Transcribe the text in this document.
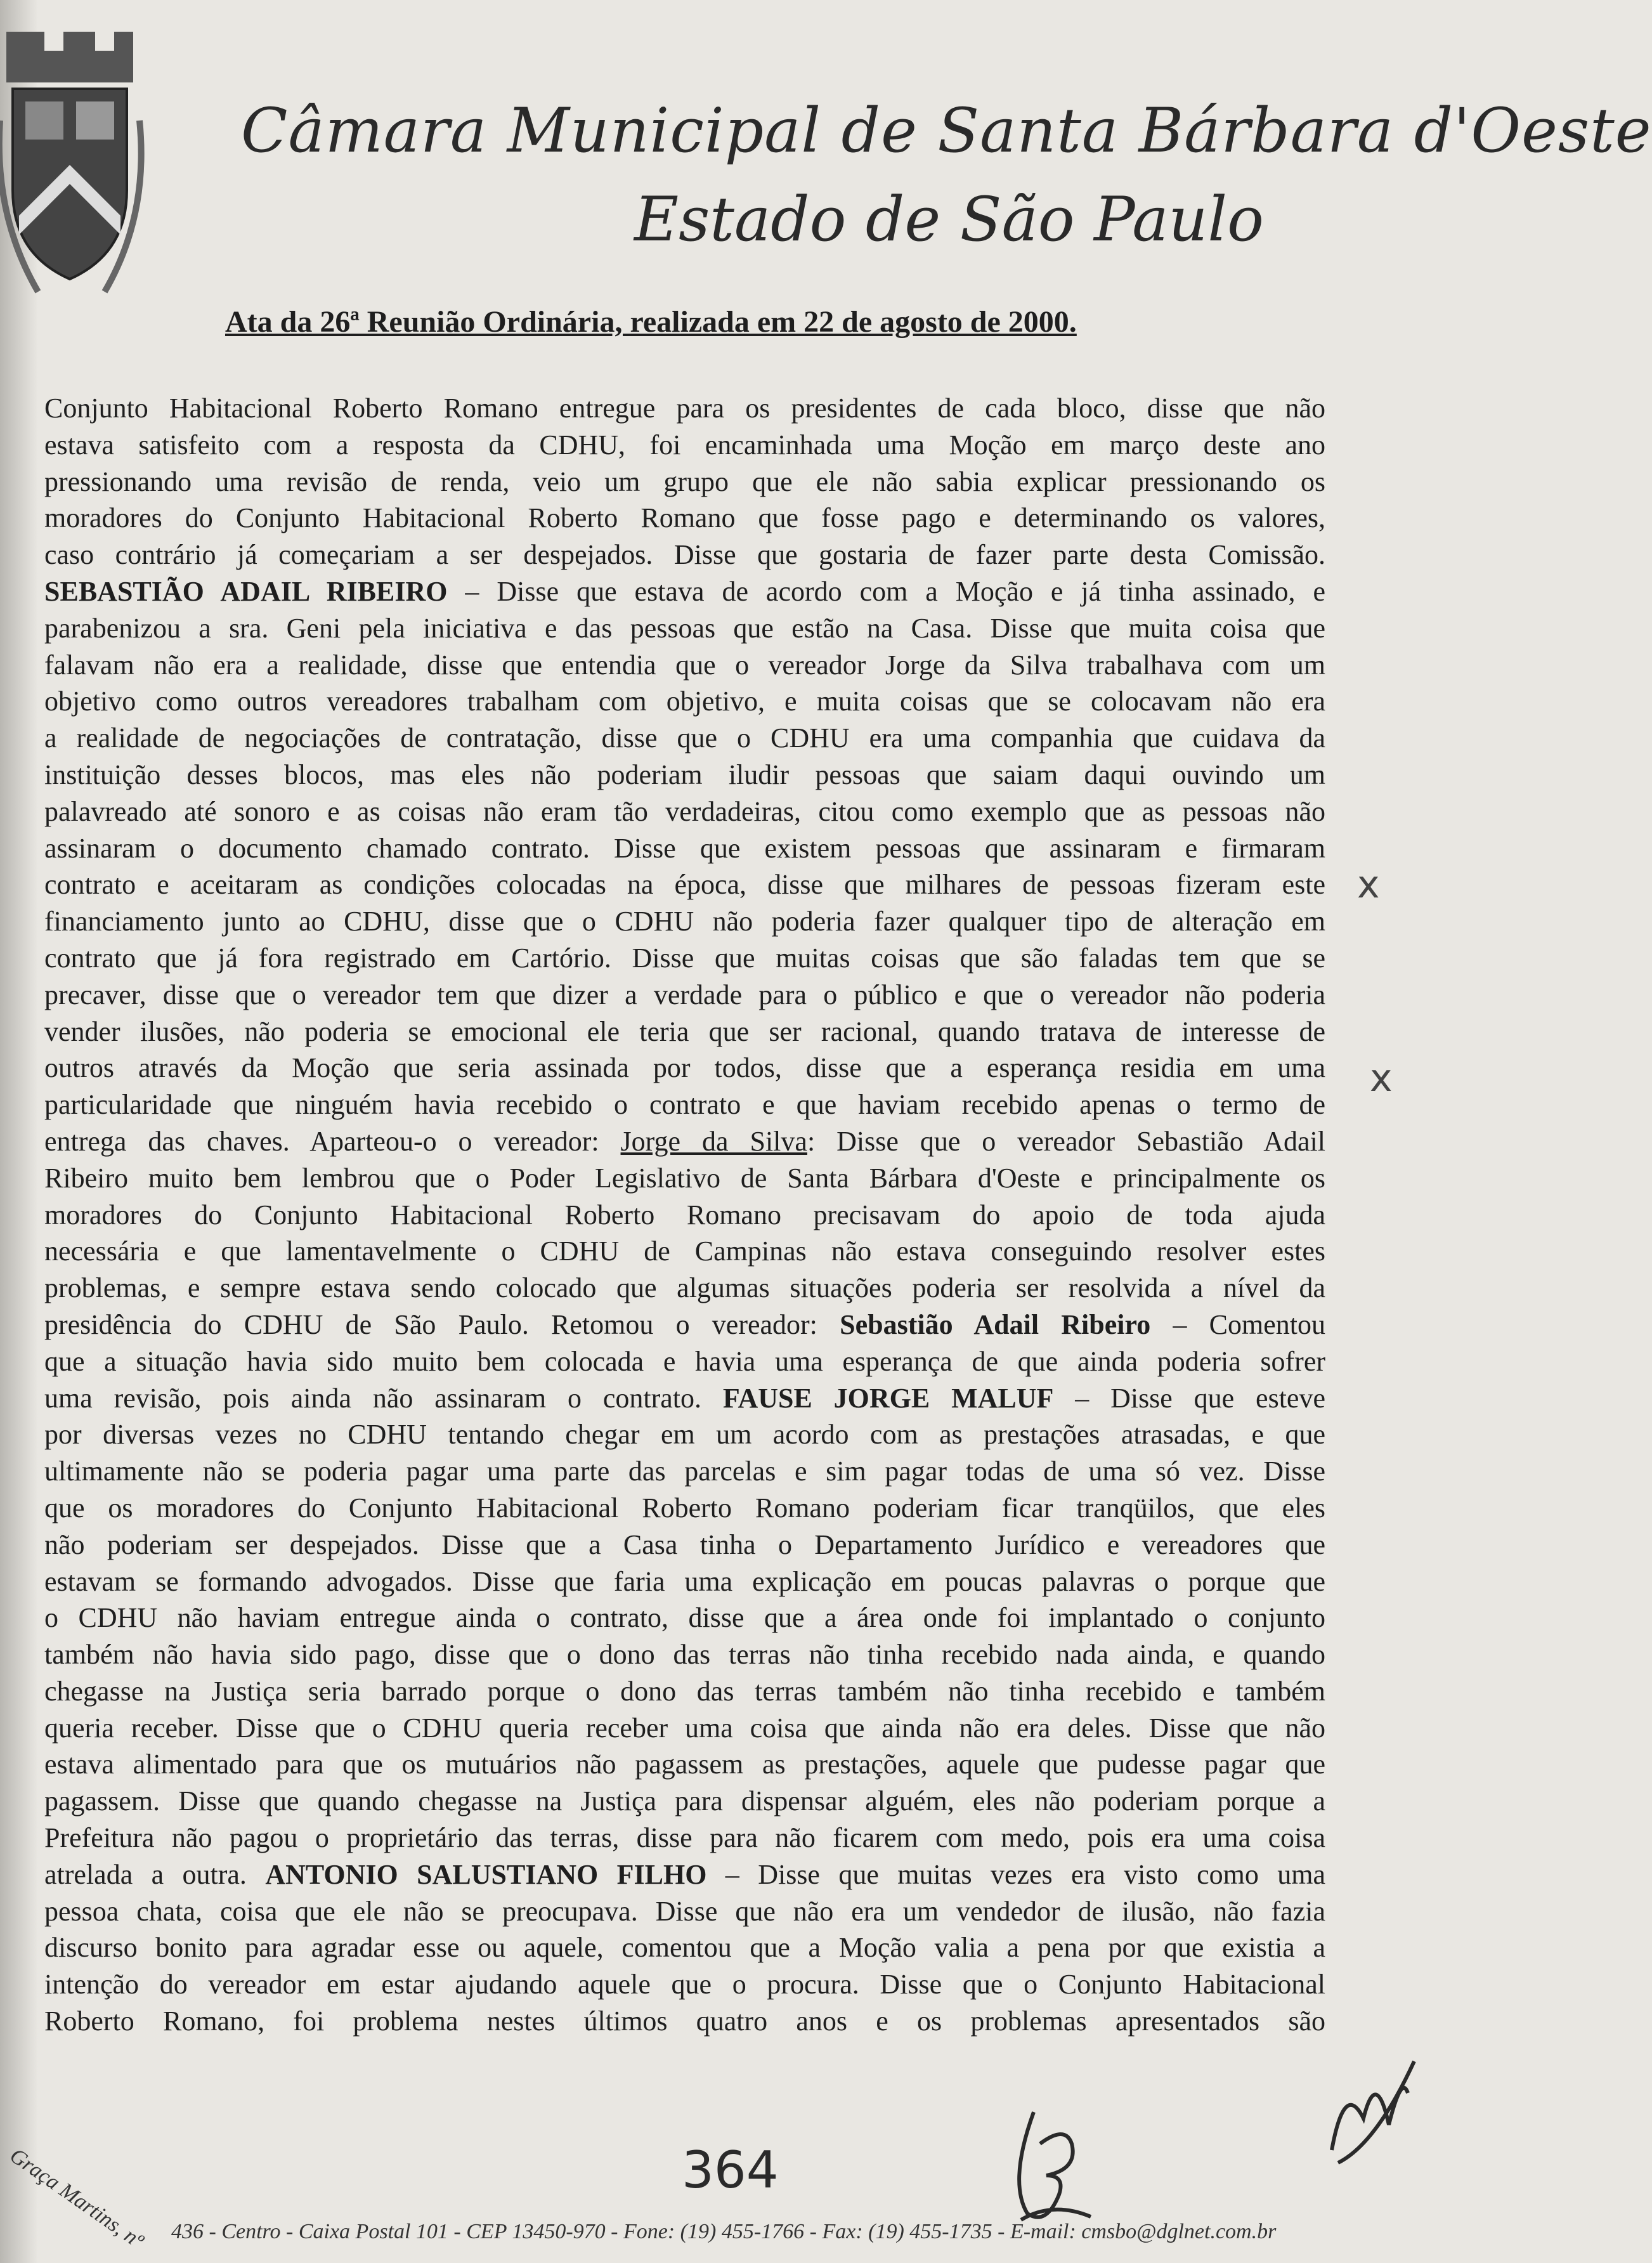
Câmara Municipal de Santa Bárbara d'Oeste
Estado de São Paulo
Ata da 26ª Reunião Ordinária, realizada em 22 de agosto de 2000.
Conjunto Habitacional Roberto Romano entregue para os presidentes de cada bloco, disse que não
estava satisfeito com a resposta da CDHU, foi encaminhada uma Moção em março deste ano
pressionando uma revisão de renda, veio um grupo que ele não sabia explicar pressionando os
moradores do Conjunto Habitacional Roberto Romano que fosse pago e determinando os valores,
caso contrário já começariam a ser despejados. Disse que gostaria de fazer parte desta Comissão.
SEBASTIÃO ADAIL RIBEIRO – Disse que estava de acordo com a Moção e já tinha assinado, e
parabenizou a sra. Geni pela iniciativa e das pessoas que estão na Casa. Disse que muita coisa que
falavam não era a realidade, disse que entendia que o vereador Jorge da Silva trabalhava com um
objetivo como outros vereadores trabalham com objetivo, e muita coisas que se colocavam não era
a realidade de negociações de contratação, disse que o CDHU era uma companhia que cuidava da
instituição desses blocos, mas eles não poderiam iludir pessoas que saiam daqui ouvindo um
palavreado até sonoro e as coisas não eram tão verdadeiras, citou como exemplo que as pessoas não
assinaram o documento chamado contrato. Disse que existem pessoas que assinaram e firmaram
contrato e aceitaram as condições colocadas na época, disse que milhares de pessoas fizeram este
financiamento junto ao CDHU, disse que o CDHU não poderia fazer qualquer tipo de alteração em
contrato que já fora registrado em Cartório. Disse que muitas coisas que são faladas tem que se
precaver, disse que o vereador tem que dizer a verdade para o público e que o vereador não poderia
vender ilusões, não poderia se emocional ele teria que ser racional, quando tratava de interesse de
outros através da Moção que seria assinada por todos, disse que a esperança residia em uma
particularidade que ninguém havia recebido o contrato e que haviam recebido apenas o termo de
entrega das chaves. Aparteou-o o vereador: Jorge da Silva: Disse que o vereador Sebastião Adail
Ribeiro muito bem lembrou que o Poder Legislativo de Santa Bárbara d'Oeste e principalmente os
moradores do Conjunto Habitacional Roberto Romano precisavam do apoio de toda ajuda
necessária e que lamentavelmente o CDHU de Campinas não estava conseguindo resolver estes
problemas, e sempre estava sendo colocado que algumas situações poderia ser resolvida a nível da
presidência do CDHU de São Paulo. Retomou o vereador: Sebastião Adail Ribeiro – Comentou
que a situação havia sido muito bem colocada e havia uma esperança de que ainda poderia sofrer
uma revisão, pois ainda não assinaram o contrato. FAUSE JORGE MALUF – Disse que esteve
por diversas vezes no CDHU tentando chegar em um acordo com as prestações atrasadas, e que
ultimamente não se poderia pagar uma parte das parcelas e sim pagar todas de uma só vez. Disse
que os moradores do Conjunto Habitacional Roberto Romano poderiam ficar tranqüilos, que eles
não poderiam ser despejados. Disse que a Casa tinha o Departamento Jurídico e vereadores que
estavam se formando advogados. Disse que faria uma explicação em poucas palavras o porque que
o CDHU não haviam entregue ainda o contrato, disse que a área onde foi implantado o conjunto
também não havia sido pago, disse que o dono das terras não tinha recebido nada ainda, e quando
chegasse na Justiça seria barrado porque o dono das terras também não tinha recebido e também
queria receber. Disse que o CDHU queria receber uma coisa que ainda não era deles. Disse que não
estava alimentado para que os mutuários não pagassem as prestações, aquele que pudesse pagar que
pagassem. Disse que quando chegasse na Justiça para dispensar alguém, eles não poderiam porque a
Prefeitura não pagou o proprietário das terras, disse para não ficarem com medo, pois era uma coisa
atrelada a outra. ANTONIO SALUSTIANO FILHO – Disse que muitas vezes era visto como uma
pessoa chata, coisa que ele não se preocupava. Disse que não era um vendedor de ilusão, não fazia
discurso bonito para agradar esse ou aquele, comentou que a Moção valia a pena por que existia a
intenção do vereador em estar ajudando aquele que o procura. Disse que o Conjunto Habitacional
Roberto Romano, foi problema nestes últimos quatro anos e os problemas apresentados são
x
x
364
Graça Martins, nº 436 - Centro - Caixa Postal 101 - CEP 13450-970 - Fone: (19) 455-1766 - Fax: (19) 455-1735 - E-mail: cmsbo@dglnet.com.br
